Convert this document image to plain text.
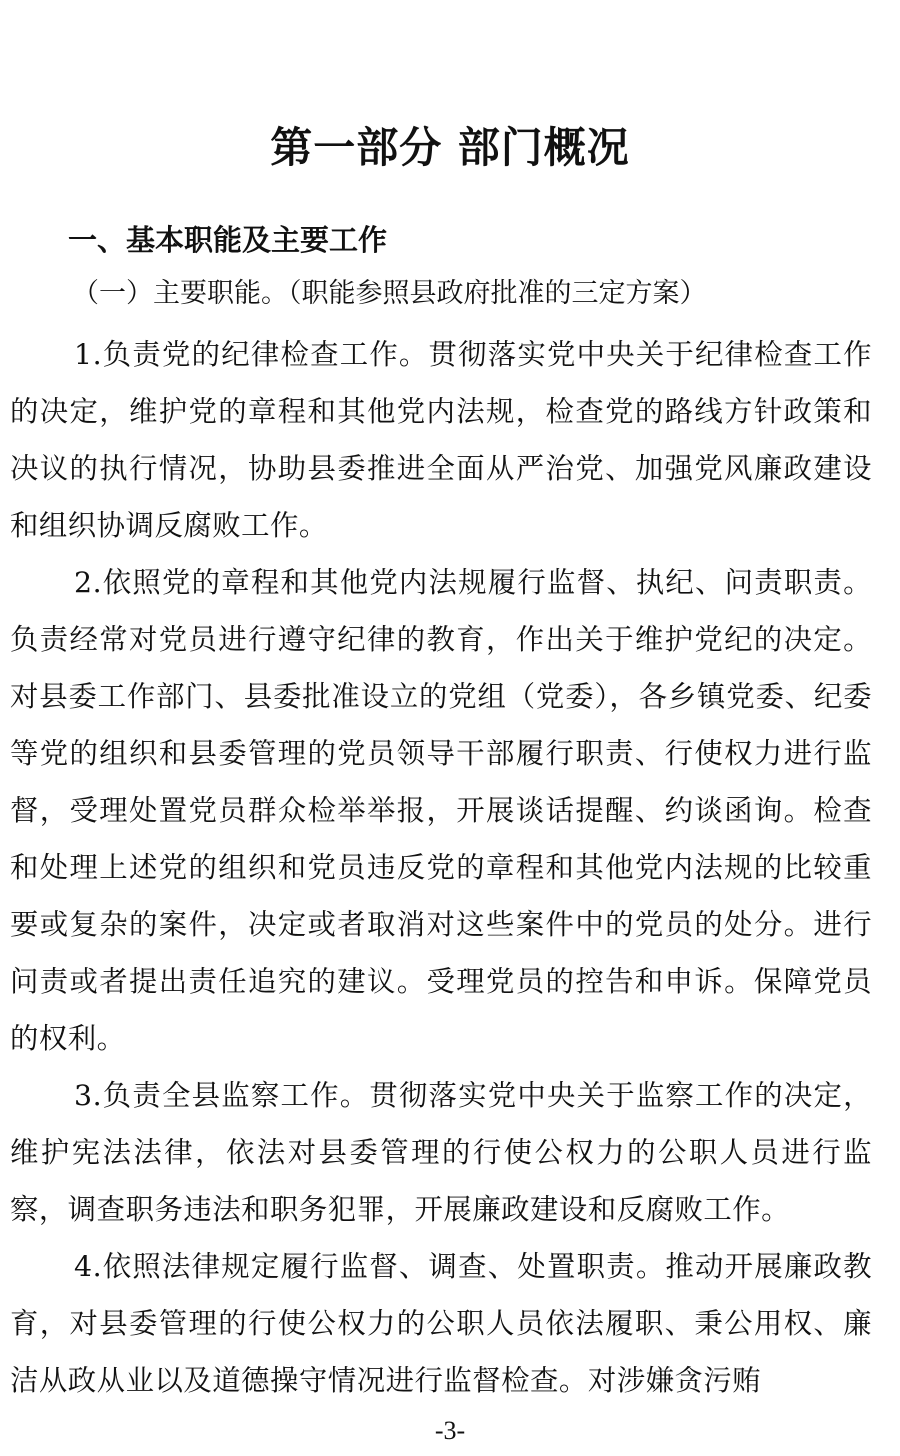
第一部分 部门概况
一、基本职能及主要工作
（一）主要职能。（职能参照县政府批准的三定方案）

1.负责党的纪律检查工作。贯彻落实党中央关于纪律检查工作的决定，维护党的章程和其他党内法规，检查党的路线方针政策和决议的执行情况，协助县委推进全面从严治党、加强党风廉政建设和组织协调反腐败工作。

2.依照党的章程和其他党内法规履行监督、执纪、问责职责。负责经常对党员进行遵守纪律的教育，作出关于维护党纪的决定。对县委工作部门、县委批准设立的党组（党委），各乡镇党委、纪委等党的组织和县委管理的党员领导干部履行职责、行使权力进行监督，受理处置党员群众检举举报，开展谈话提醒、约谈函询。检查和处理上述党的组织和党员违反党的章程和其他党内法规的比较重要或复杂的案件，决定或者取消对这些案件中的党员的处分。进行问责或者提出责任追究的建议。受理党员的控告和申诉。保障党员的权利。

3.负责全县监察工作。贯彻落实党中央关于监察工作的决定，维护宪法法律，依法对县委管理的行使公权力的公职人员进行监察，调查职务违法和职务犯罪，开展廉政建设和反腐败工作。

4.依照法律规定履行监督、调查、处置职责。推动开展廉政教育，对县委管理的行使公权力的公职人员依法履职、秉公用权、廉洁从政从业以及道德操守情况进行监督检查。对涉嫌贪污贿

-3-
